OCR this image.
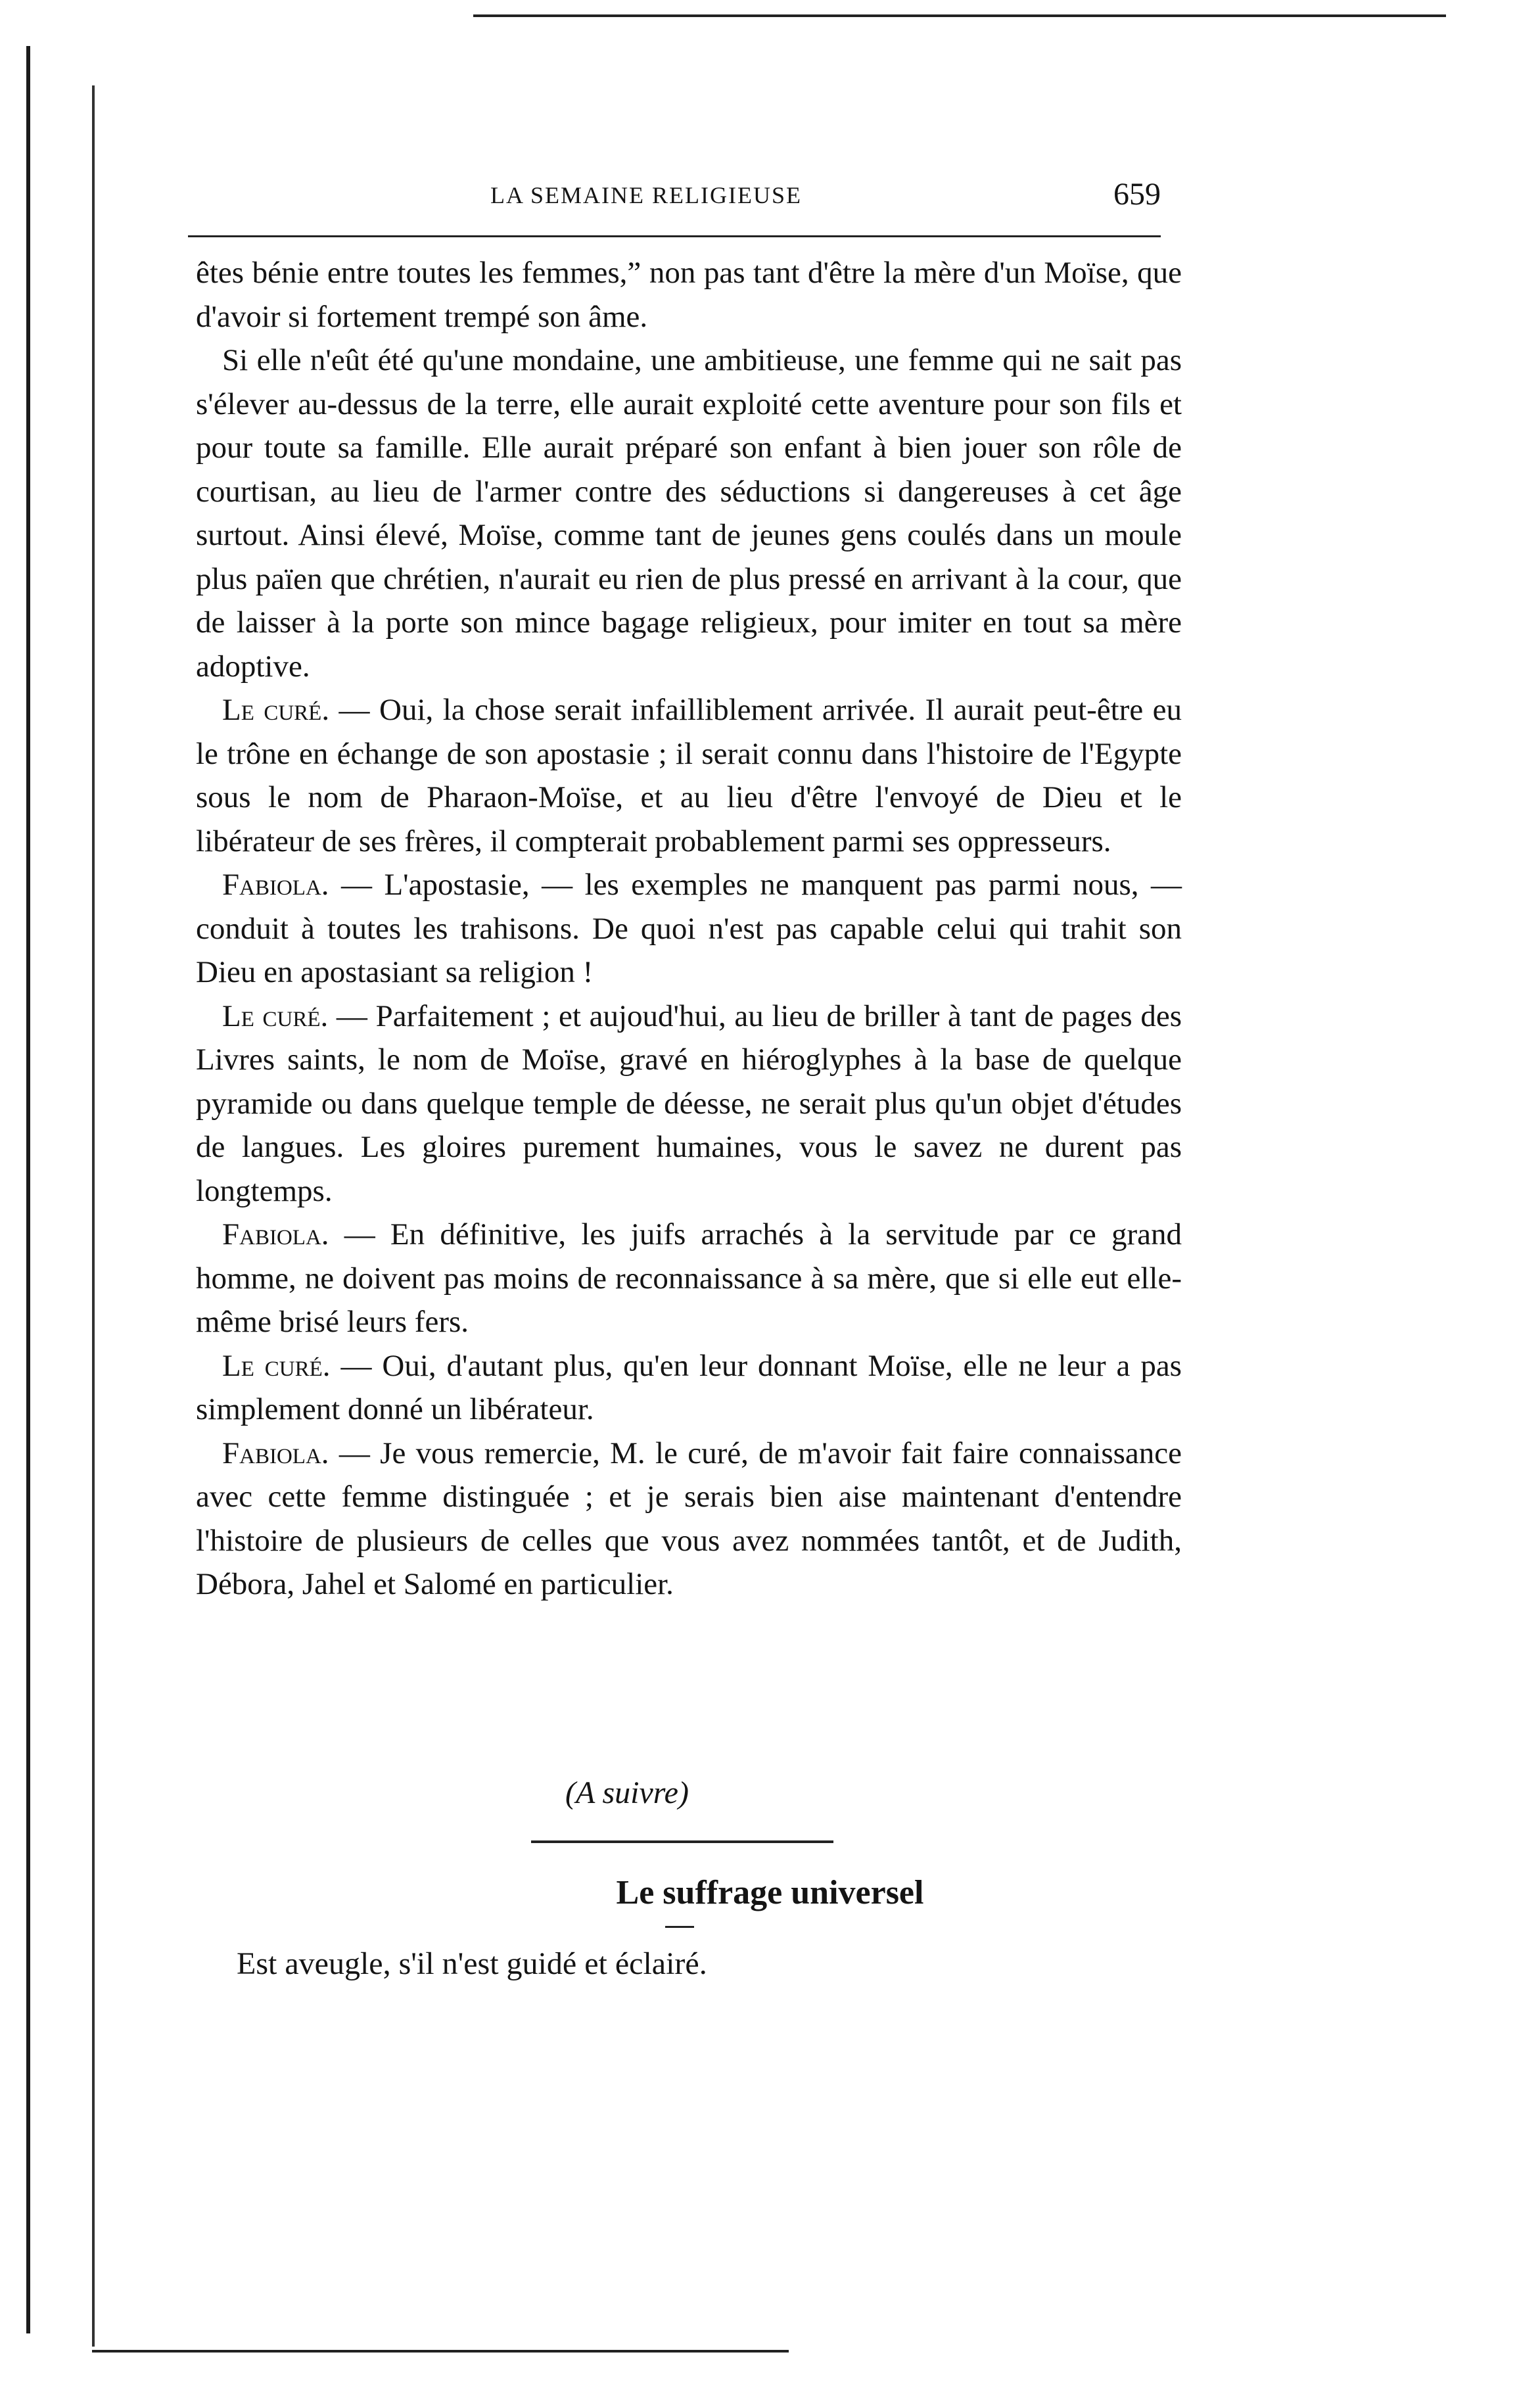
LA SEMAINE RELIGIEUSE	659

êtes bénie entre toutes les femmes,” non pas tant d'être la mère d'un Moïse, que d'avoir si fortement trempé son âme.

Si elle n'eût été qu'une mondaine, une ambitieuse, une femme qui ne sait pas s'élever au-dessus de la terre, elle aurait exploité cette aventure pour son fils et pour toute sa famille. Elle aurait préparé son enfant à bien jouer son rôle de courtisan, au lieu de l'armer contre des séductions si dangereuses à cet âge surtout. Ainsi élevé, Moïse, comme tant de jeunes gens coulés dans un moule plus païen que chrétien, n'aurait eu rien de plus pressé en arrivant à la cour, que de laisser à la porte son mince bagage religieux, pour imiter en tout sa mère adoptive.

Le curé. — Oui, la chose serait infailliblement arrivée. Il aurait peut-être eu le trône en échange de son apostasie ; il serait connu dans l'histoire de l'Egypte sous le nom de Pharaon-Moïse, et au lieu d'être l'envoyé de Dieu et le libérateur de ses frères, il compterait probablement parmi ses oppresseurs.

Fabiola. — L'apostasie, — les exemples ne manquent pas parmi nous, — conduit à toutes les trahisons. De quoi n'est pas capable celui qui trahit son Dieu en apostasiant sa religion !

Le curé. — Parfaitement ; et aujoud'hui, au lieu de briller à tant de pages des Livres saints, le nom de Moïse, gravé en hiéroglyphes à la base de quelque pyramide ou dans quelque temple de déesse, ne serait plus qu'un objet d'études de langues. Les gloires purement humaines, vous le savez ne durent pas longtemps.

Fabiola. — En définitive, les juifs arrachés à la servitude par ce grand homme, ne doivent pas moins de reconnaissance à sa mère, que si elle eut elle-même brisé leurs fers.

Le curé. — Oui, d'autant plus, qu'en leur donnant Moïse, elle ne leur a pas simplement donné un libérateur.

Fabiola. — Je vous remercie, M. le curé, de m'avoir fait faire connaissance avec cette femme distinguée ; et je serais bien aise maintenant d'entendre l'histoire de plusieurs de celles que vous avez nommées tantôt, et de Judith, Débora, Jahel et Salomé en particulier.

(A suivre)
Le suffrage universel
Est aveugle, s'il n'est guidé et éclairé.
